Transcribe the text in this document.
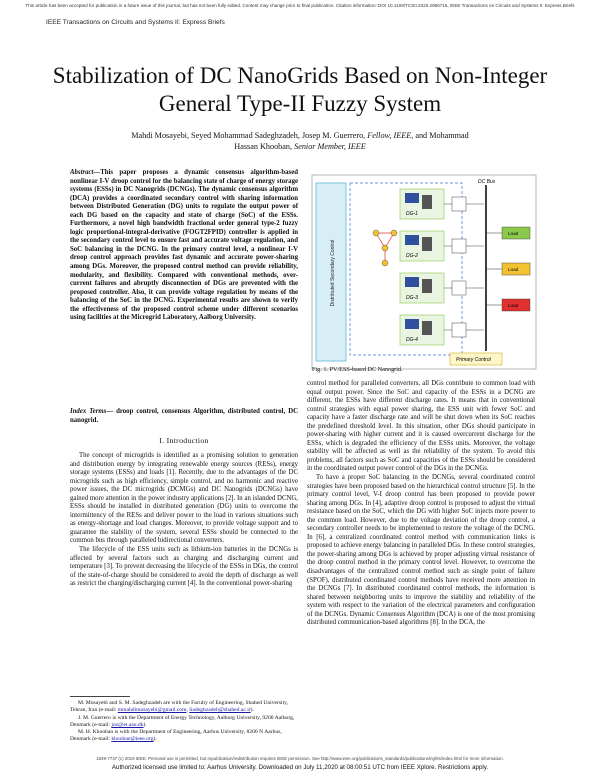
This article has been accepted for publication in a future issue of this journal, but has not been fully edited. Content may change prior to final publication. Citation information: DOI 10.1109/TCSII.2020.2966715, IEEE Transactions on Circuits and Systems II: Express Briefs
IEEE Transactions on Circuits and Systems II: Express Briefs
Stabilization of DC NanoGrids Based on Non-Integer General Type-II Fuzzy System
Mahdi Mosayebi, Seyed Mohammad Sadeghzadeh, Josep M. Guerrero, Fellow, IEEE, and Mohammad
Hassan Khooban, Senior Member, IEEE
Abstract—This paper proposes a dynamic consensus algorithm-based nonlinear I-V droop control for the balancing state of charge of energy storage systems (ESSs) in DC Nanogrids (DCNGs). The dynamic consensus algorithm (DCA) provides a coordinated secondary control with sharing information between Distributed Generation (DG) units to regulate the output power of each DG based on the capacity and state of charge (SoC) of the ESSs. Furthermore, a novel high bandwidth fractional order general type-2 fuzzy logic proportional-integral-derivative (FOGT2FPID) controller is applied in the secondary control level to ensure fast and accurate voltage regulation, and SoC balancing in the DCNG. In the primary control level, a nonlinear I-V droop control approach provides fast dynamic and accurate power-sharing among DGs. Moreover, the proposed control method can provide reliability, modularity, and flexibility. Compared with conventional methods, over-current failures and abruptly disconnection of DGs are prevented with the proposed controller. Also, it can provide voltage regulation by means of the balancing of the SoC in the DCNG. Experimental results are shown to verify the effectiveness of the proposed control scheme under different scenarios using facilities at the Microgrid Laboratory, Aalborg University.
Index Terms— droop control, consensus Algorithm, distributed control, DC nanogrid.
I. Introduction

The concept of microgrids is identified as a promising solution to generation and distribution energy by integrating renewable energy sources (RESs), energy storage systems (ESSs) and loads [1]. Recently, due to the advantages of the DC microgrids such as high efficiency, simple control, and no harmonic and reactive power issues, the DC microgrids (DCMGs) and DC Nanogrids (DCNGs) have gained more attention in the power industry applications [2]. In an islanded DCNG, ESSs should be installed in distributed generation (DG) units to overcome the intermittency of the RESs and deliver power to the load in various situations such as energy-shortage and load changes. Moreover, to provide voltage support and to guarantee the stability of the system, several ESSs should be connected to the common bus through paralleled bidirectional converters.

The lifecycle of the ESS units such as lithium-ion batteries in the DCNGs is affected by several factors such as charging and discharging current and temperature [3]. To prevent decreasing the lifecycle of the ESSs in DGs, the control of the state-of-charge should be considered to avoid the depth of discharge as well as restrict the charging/discharging current [4]. In the conventional power-sharing

M. Mosayebi and S. M. Sadeghzadeh are with the Faculty of Engineering, Shahed University, Tehran, Iran (e-mail: mmahdimosayebi@gmail.com, Sadeghzadeh@shahed.ac.ir).

J. M. Guerrero is with the Department of Energy Technology, Aalborg University, 9200 Aalborg, Denmark (e-mail: joz@et.aau.dk).

M. H. Khooban is with the Department of Engineering, Aarhus University, 8200 N Aarhus, Denmark (e-mail: khooban@ieee.org).

Distributed Secondary Control
DG-1
DG-2
DG-3
DG-4
DC Bus
Load
Load
Load
Primary Control
Fig. 1. PV/ESS-based DC Nanogrid.

control method for paralleled converters, all DGs contribute to common load with equal output power. Since the SoC and capacity of the ESSs in a DCNG are different, the ESSs have different discharge rates. It means that in conventional control strategies with equal power sharing, the ESS unit with fewer SoC and capacity have a faster discharge rate and will be shut down when its SoC reaches the predefined threshold level. In this situation, other DGs should participate in power-sharing with higher current and it is caused overcurrent discharge for the ESSs, which is degraded the efficiency of the ESSs units. Moreover, the voltage stability will be affected as well as the reliability of the system. To avoid this problems, all factors such as SoC and capacities of the ESSs should be considered in the coordinated output power control of the DGs in the DCNGs.

To have a proper SoC balancing in the DCNGs, several coordinated control strategies have been proposed based on the hierarchical control structure [5]. In the primary control level, V-I droop control has been proposed to provide power sharing among DGs. In [4], adaptive droop control is proposed to adjust the virtual resistance based on the SoC, which the DG with higher SoC injects more power to the common load. However, due to the voltage deviation of the droop control, a secondary controller needs to be implemented to restore the voltage of the DCNG. In [6], a centralized coordinated control method with communication links is proposed to achieve energy balancing in paralleled DGs. In these control strategies, the power-sharing among DGs is achieved by proper adjusting virtual resistance of the droop control method in the primary control level. However, to overcome the disadvantages of the centralized control method such as single point of failure (SPOF), distributed coordinated control methods have received more attention in the DCNGs [7]. In distributed coordinated control methods, the information is shared between neighboring units to improve the stability and reliability of the system with respect to the variation of the electrical parameters and configuration of the DCNGs. Dynamic Consensus Algorithm (DCA) is one of the most promising distributed communication-based algorithms [8]. In the DCA, the

1549-7747 (c) 2019 IEEE. Personal use is permitted, but republication/redistribution requires IEEE permission. See http://www.ieee.org/publications_standards/publications/rights/index.html for more information.
Authorized licensed use limited to: Aarhus University. Downloaded on July 11,2020 at 08:00:51 UTC from IEEE Xplore. Restrictions apply.
